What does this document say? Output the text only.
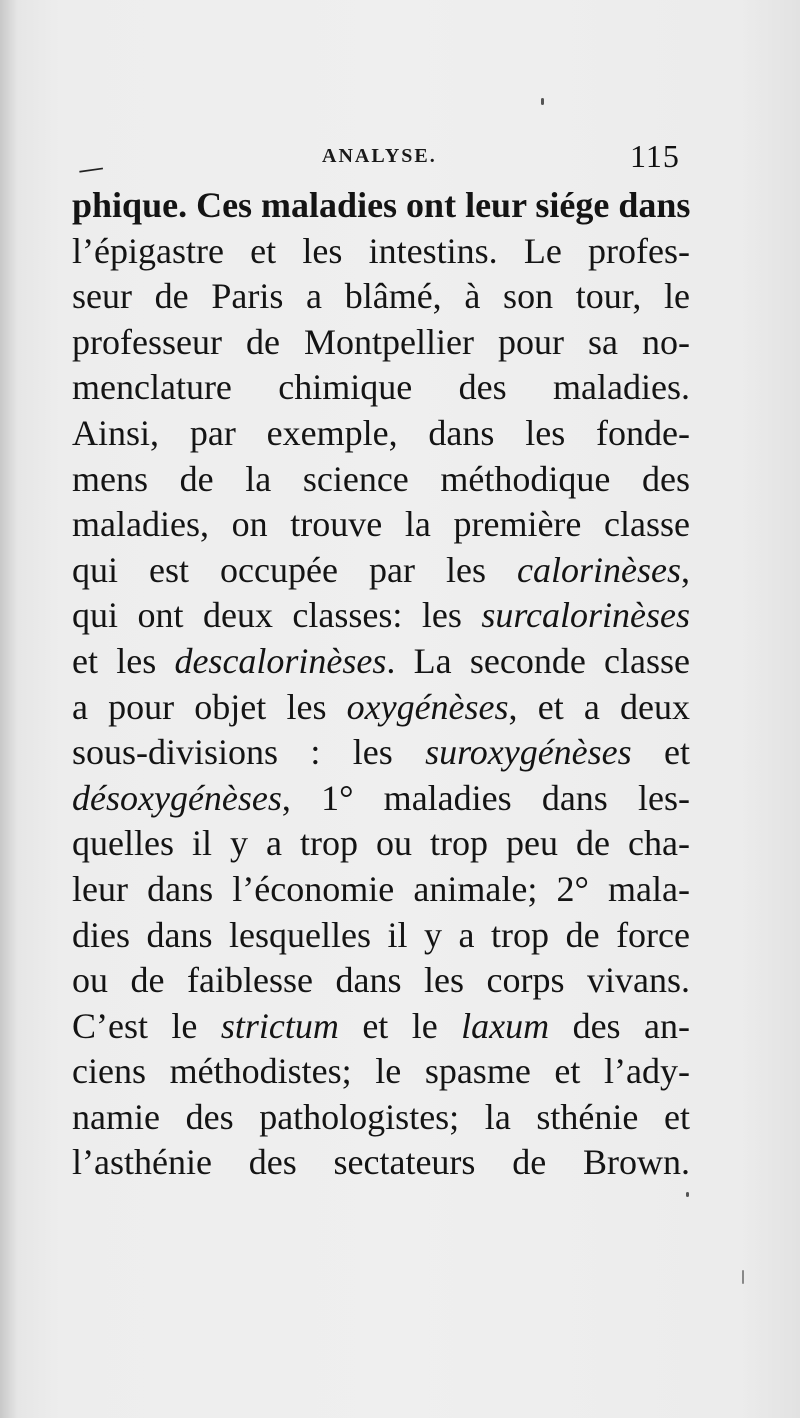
—	ANALYSE.	115
phique. Ces maladies ont leur siége dans
l’épigastre et les intestins. Le profes-
seur de Paris a blâmé, à son tour, le
professeur de Montpellier pour sa no-
menclature chimique des maladies.
Ainsi, par exemple, dans les fonde-
mens de la science méthodique des
maladies, on trouve la première classe
qui est occupée par les calorinèses,
qui ont deux classes: les surcalorinèses
et les descalorinèses. La seconde classe
a pour objet les oxygénèses, et a deux
sous-divisions : les suroxygénèses et
désoxygénèses, 1° maladies dans les-
quelles il y a trop ou trop peu de cha-
leur dans l’économie animale; 2° mala-
dies dans lesquelles il y a trop de force
ou de faiblesse dans les corps vivans.
C’est le strictum et le laxum des an-
ciens méthodistes; le spasme et l’ady-
namie des pathologistes; la sthénie et
l’asthénie des sectateurs de Brown.
